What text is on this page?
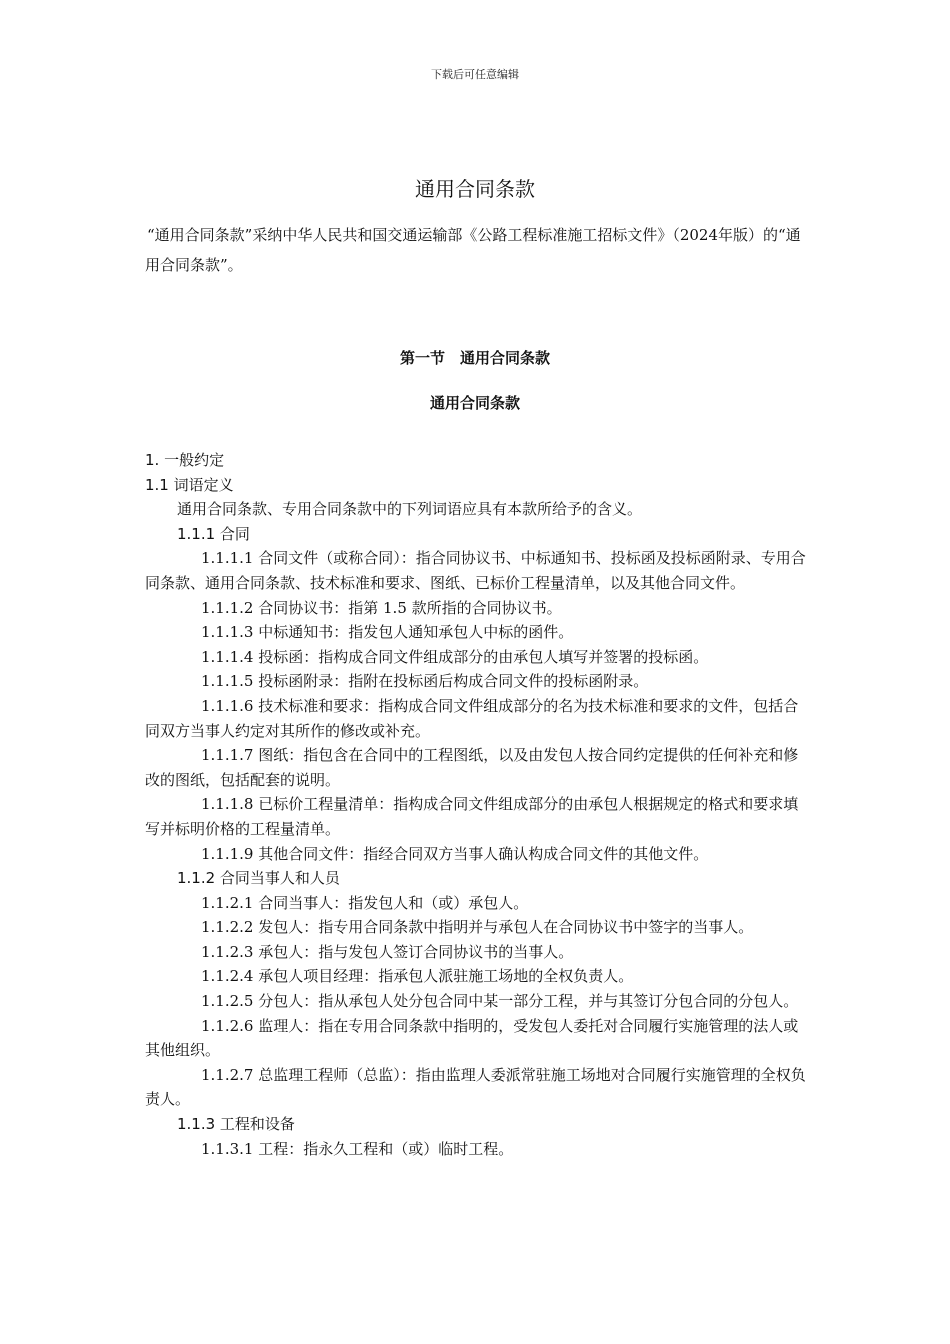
下载后可任意编辑
通用合同条款
“通用合同条款”采纳中华人民共和国交通运输部《公路工程标准施工招标文件》（2024年版）的“通用合同条款”。
第一节　通用合同条款
通用合同条款

1. 一般约定

1.1 词语定义

通用合同条款、专用合同条款中的下列词语应具有本款所给予的含义。

1.1.1 合同

1.1.1.1 合同文件（或称合同）：指合同协议书、中标通知书、投标函及投标函附录、专用合同条款、通用合同条款、技术标准和要求、图纸、已标价工程量清单，以及其他合同文件。

1.1.1.2 合同协议书：指第 1.5 款所指的合同协议书。

1.1.1.3 中标通知书：指发包人通知承包人中标的函件。

1.1.1.4 投标函：指构成合同文件组成部分的由承包人填写并签署的投标函。

1.1.1.5 投标函附录：指附在投标函后构成合同文件的投标函附录。

1.1.1.6 技术标准和要求：指构成合同文件组成部分的名为技术标准和要求的文件，包括合同双方当事人约定对其所作的修改或补充。

1.1.1.7 图纸：指包含在合同中的工程图纸，以及由发包人按合同约定提供的任何补充和修改的图纸，包括配套的说明。

1.1.1.8 已标价工程量清单：指构成合同文件组成部分的由承包人根据规定的格式和要求填写并标明价格的工程量清单。

1.1.1.9 其他合同文件：指经合同双方当事人确认构成合同文件的其他文件。

1.1.2 合同当事人和人员

1.1.2.1 合同当事人：指发包人和（或）承包人。

1.1.2.2 发包人：指专用合同条款中指明并与承包人在合同协议书中签字的当事人。

1.1.2.3 承包人：指与发包人签订合同协议书的当事人。

1.1.2.4 承包人项目经理：指承包人派驻施工场地的全权负责人。

1.1.2.5 分包人：指从承包人处分包合同中某一部分工程，并与其签订分包合同的分包人。

1.1.2.6 监理人：指在专用合同条款中指明的，受发包人委托对合同履行实施管理的法人或其他组织。

1.1.2.7 总监理工程师（总监）：指由监理人委派常驻施工场地对合同履行实施管理的全权负责人。

1.1.3 工程和设备

1.1.3.1 工程：指永久工程和（或）临时工程。
